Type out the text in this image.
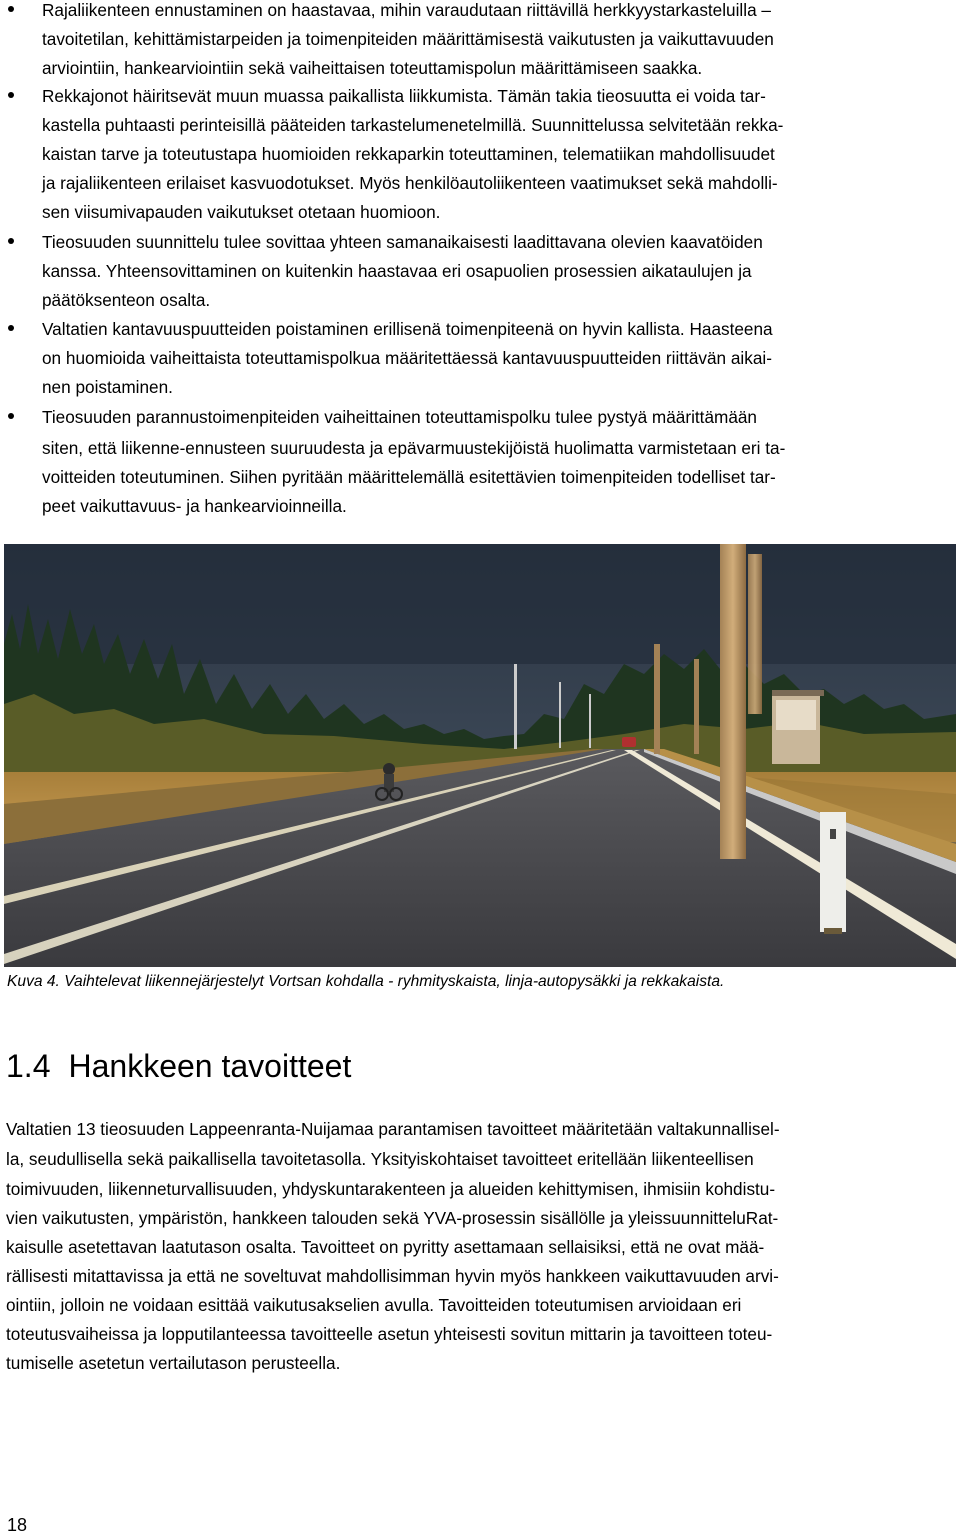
Rajaliikenteen ennustaminen on haastavaa, mihin varaudutaan riittävillä herkkyystarkasteluilla –
tavoitetilan, kehittämistarpeiden ja toimenpiteiden määrittämisestä vaikutusten ja vaikuttavuuden
arviointiin, hankearviointiin sekä vaiheittaisen toteuttamispolun määrittämiseen saakka.
Rekkajonot häiritsevät muun muassa paikallista liikkumista. Tämän takia tieosuutta ei voida tar-
kastella puhtaasti perinteisillä pääteiden tarkastelumenetelmillä. Suunnittelussa selvitetään rekka-
kaistan tarve ja toteutustapa huomioiden rekkaparkin toteuttaminen, telematiikan mahdollisuudet
ja rajaliikenteen erilaiset kasvuodotukset. Myös henkilöautoliikenteen vaatimukset sekä mahdolli-
sen viisumivapauden vaikutukset otetaan huomioon.
Tieosuuden suunnittelu tulee sovittaa yhteen samanaikaisesti laadittavana olevien kaavatöiden
kanssa. Yhteensovittaminen on kuitenkin haastavaa eri osapuolien prosessien aikataulujen ja
päätöksenteon osalta.
Valtatien kantavuuspuutteiden poistaminen erillisenä toimenpiteenä on hyvin kallista. Haasteena
on huomioida vaiheittaista toteuttamispolkua määritettäessä kantavuuspuutteiden riittävän aikai-
nen poistaminen.
Tieosuuden parannustoimenpiteiden vaiheittainen toteuttamispolku tulee pystyä määrittämään
siten, että liikenne-ennusteen suuruudesta ja epävarmuustekijöistä huolimatta varmistetaan eri ta-
voitteiden toteutuminen. Siihen pyritään määrittelemällä esitettävien toimenpiteiden todelliset tar-
peet vaikuttavuus- ja hankearvioinneilla.
Kuva 4. Vaihtelevat liikennejärjestelyt Vortsan kohdalla - ryhmityskaista, linja-autopysäkki ja rekkakaista.
1.4 Hankkeen tavoitteet
Valtatien 13 tieosuuden Lappeenranta-Nuijamaa parantamisen tavoitteet määritetään valtakunnallisel-
la, seudullisella sekä paikallisella tavoitetasolla. Yksityiskohtaiset tavoitteet eritellään liikenteellisen
toimivuuden, liikenneturvallisuuden, yhdyskuntarakenteen ja alueiden kehittymisen, ihmisiin kohdistu-
vien vaikutusten, ympäristön, hankkeen talouden sekä YVA-prosessin sisällölle ja yleissuunnitteluRat-
kaisulle asetettavan laatutason osalta. Tavoitteet on pyritty asettamaan sellaisiksi, että ne ovat mää-
rällisesti mitattavissa ja että ne soveltuvat mahdollisimman hyvin myös hankkeen vaikuttavuuden arvi-
ointiin, jolloin ne voidaan esittää vaikutusakselien avulla. Tavoitteiden toteutumisen arvioidaan eri
toteutusvaiheissa ja lopputilanteessa tavoitteelle asetun yhteisesti sovitun mittarin ja tavoitteen toteu-
tumiselle asetetun vertailutason perusteella.
18
